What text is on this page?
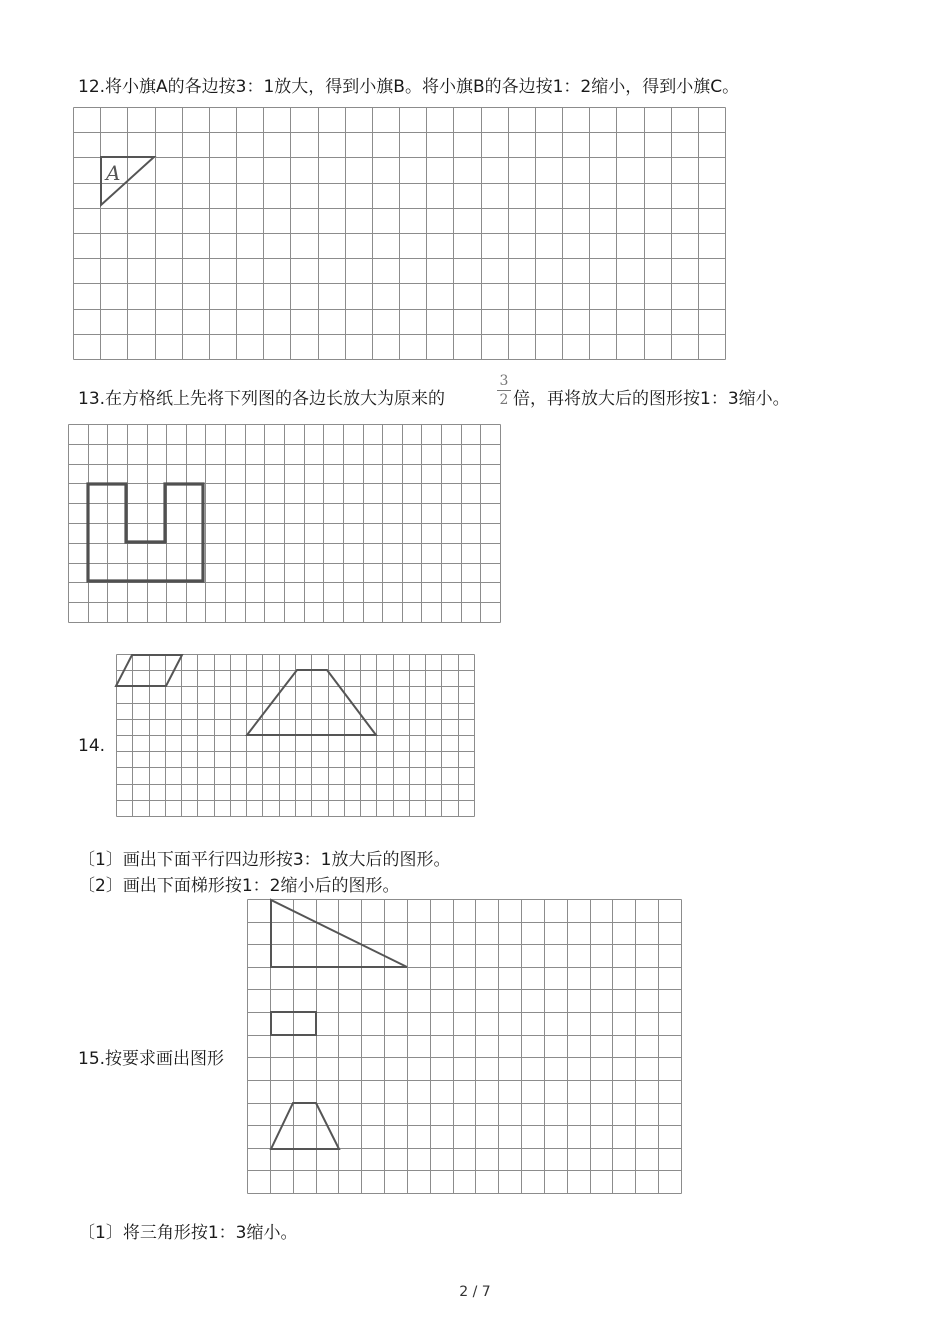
12.将小旗A的各边按3：1放大，得到小旗B。将小旗B的各边按1：2缩小，得到小旗C。
A
13.在方格纸上先将下列图的各边长放大为原来的
3
2 倍，再将放大后的图形按1：3缩小。
14.
〔1〕画出下面平行四边形按3：1放大后的图形。
〔2〕画出下面梯形按1：2缩小后的图形。
15.按要求画出图形
〔1〕将三角形按1：3缩小。
2 / 7
